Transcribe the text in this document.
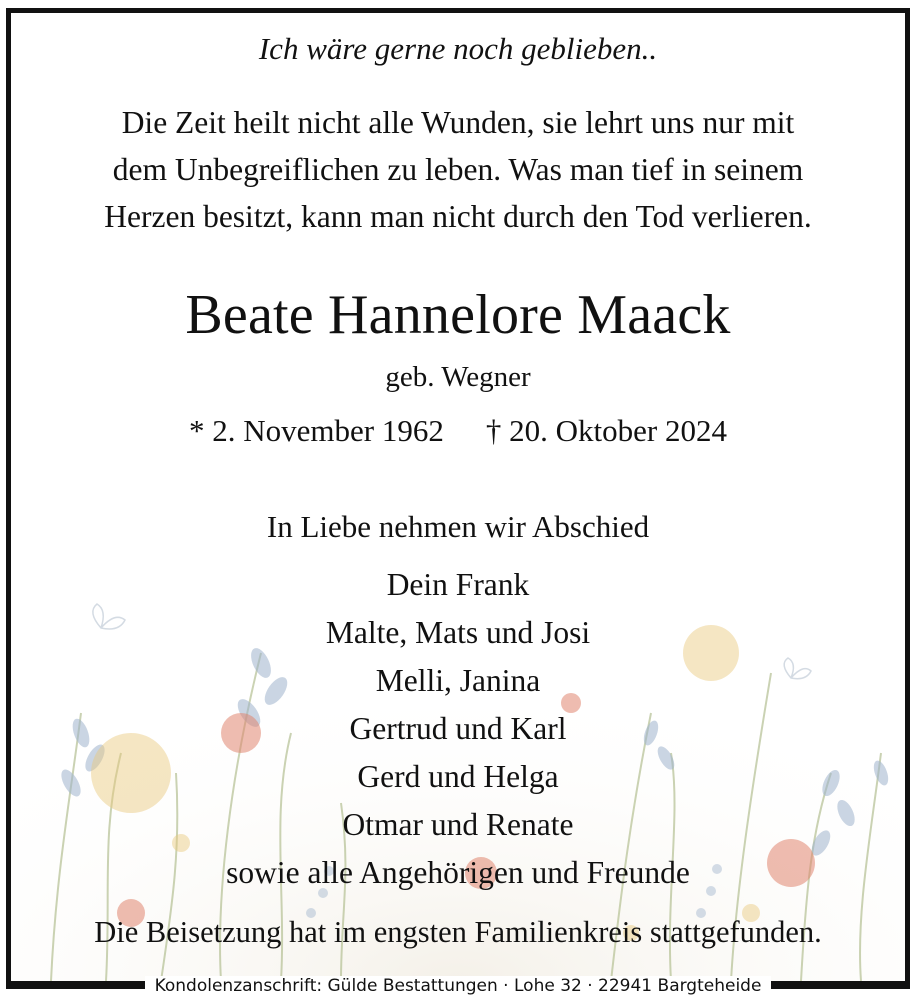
Ich wäre gerne noch geblieben..
Die Zeit heilt nicht alle Wunden, sie lehrt uns nur mit
dem Unbegreiflichen zu leben. Was man tief in seinem
Herzen besitzt, kann man nicht durch den Tod verlieren.
Beate Hannelore Maack
geb. Wegner
* 2. November 1962 † 20. Oktober 2024
In Liebe nehmen wir Abschied
Dein Frank
Malte, Mats und Josi
Melli, Janina
Gertrud und Karl
Gerd und Helga
Otmar und Renate
sowie alle Angehörigen und Freunde
Die Beisetzung hat im engsten Familienkreis stattgefunden.
Kondolenzanschrift: Gülde Bestattungen · Lohe 32 · 22941 Bargteheide
